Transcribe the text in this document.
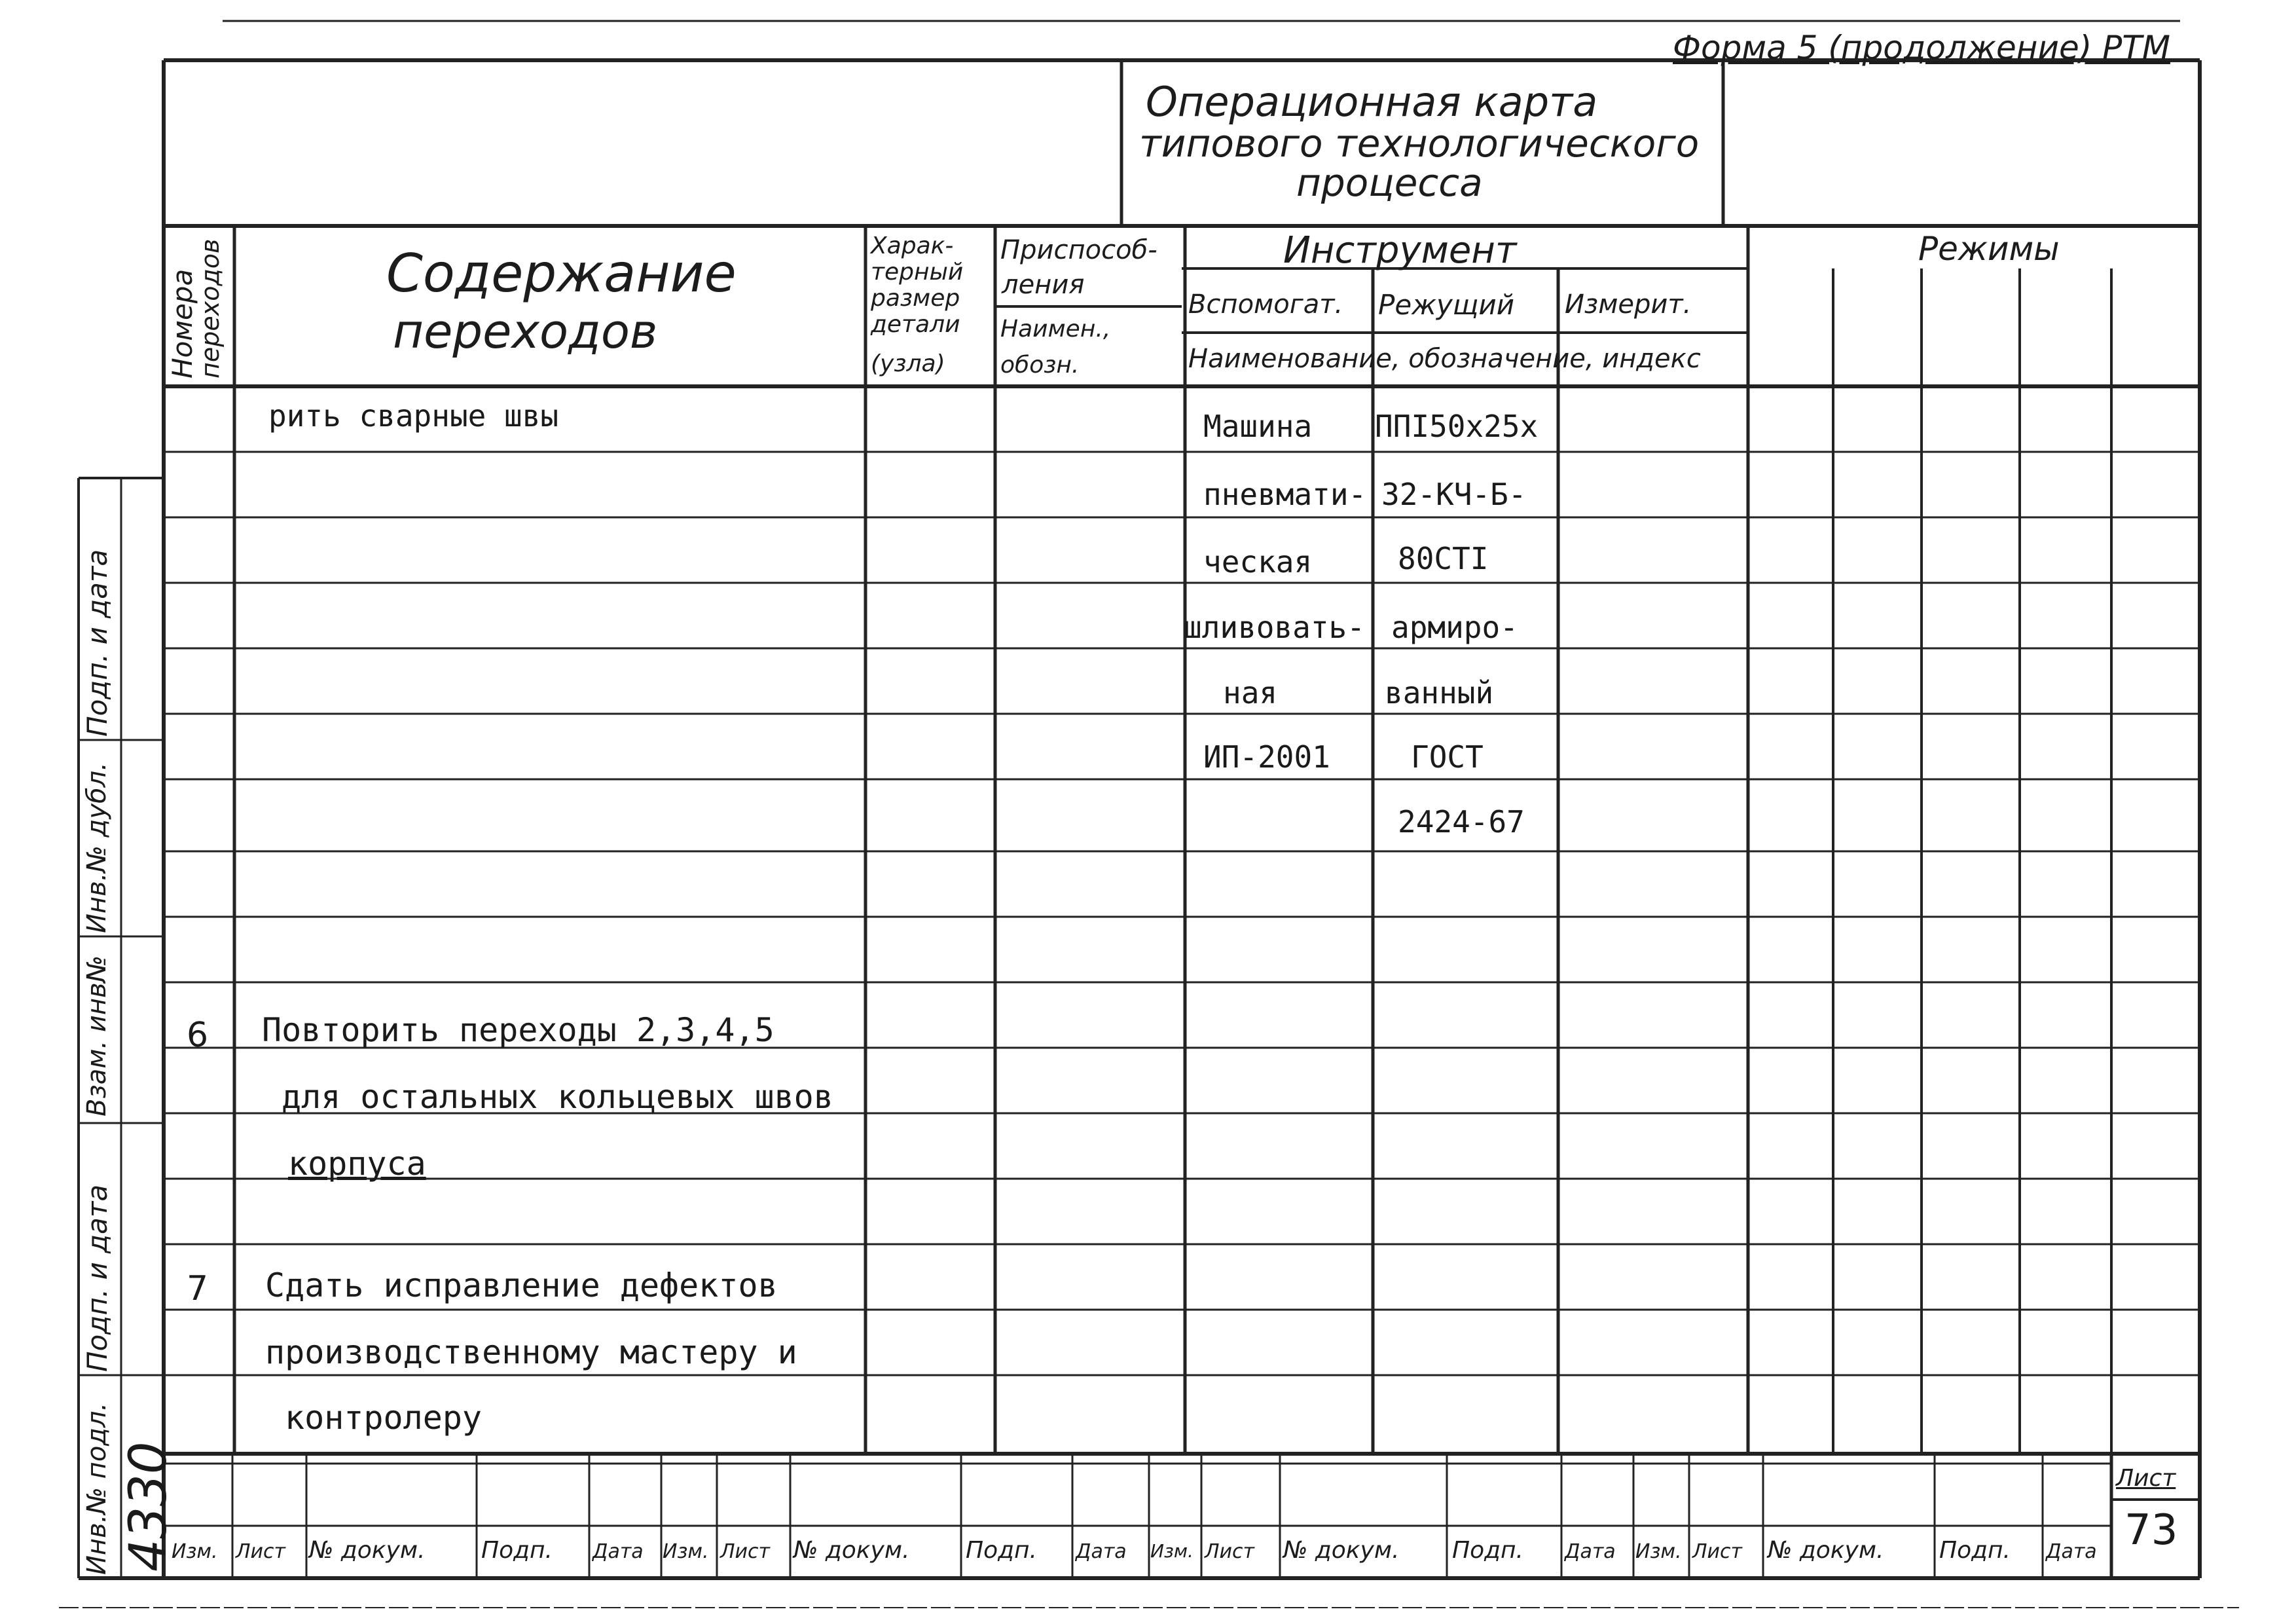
Форма 5 (продолжение) РТМ
Операционная карта
типового технологического
процесса
Номера
переходов	Содержание
переходов
Харак-
терный
размер
детали
(узла)
Приспособ-
ления
Наимен.,
обозн.
Инструмент
Вспомогат. Режущий Измерит.
Наименование, обозначение, индекс
Режимы
рить сварные швы
6 Повторить переходы 2,3,4,5
для остальных кольцевых швов
корпуса
7 Сдать исправление дефектов
производственному мастеру и
контролеру
Машина
пневмати-
ческая
шливовать-
ная
ИП-2001
ППI50x25x
32-КЧ-Б-
80СТI
армиро-
ванный
ГОСТ
2424-67
Инв.№ подл. 4330
Подп. и дата
Взам. инв№
Инв.№ дубл.
Подп. и дата
Изм. Лист № докум. Подп. Дата Изм. Лист № докум. Подп. Дата Изм. Лист № докум. Подп. Дата Изм. Лист № докум. Подп. Дата
Лист
73
